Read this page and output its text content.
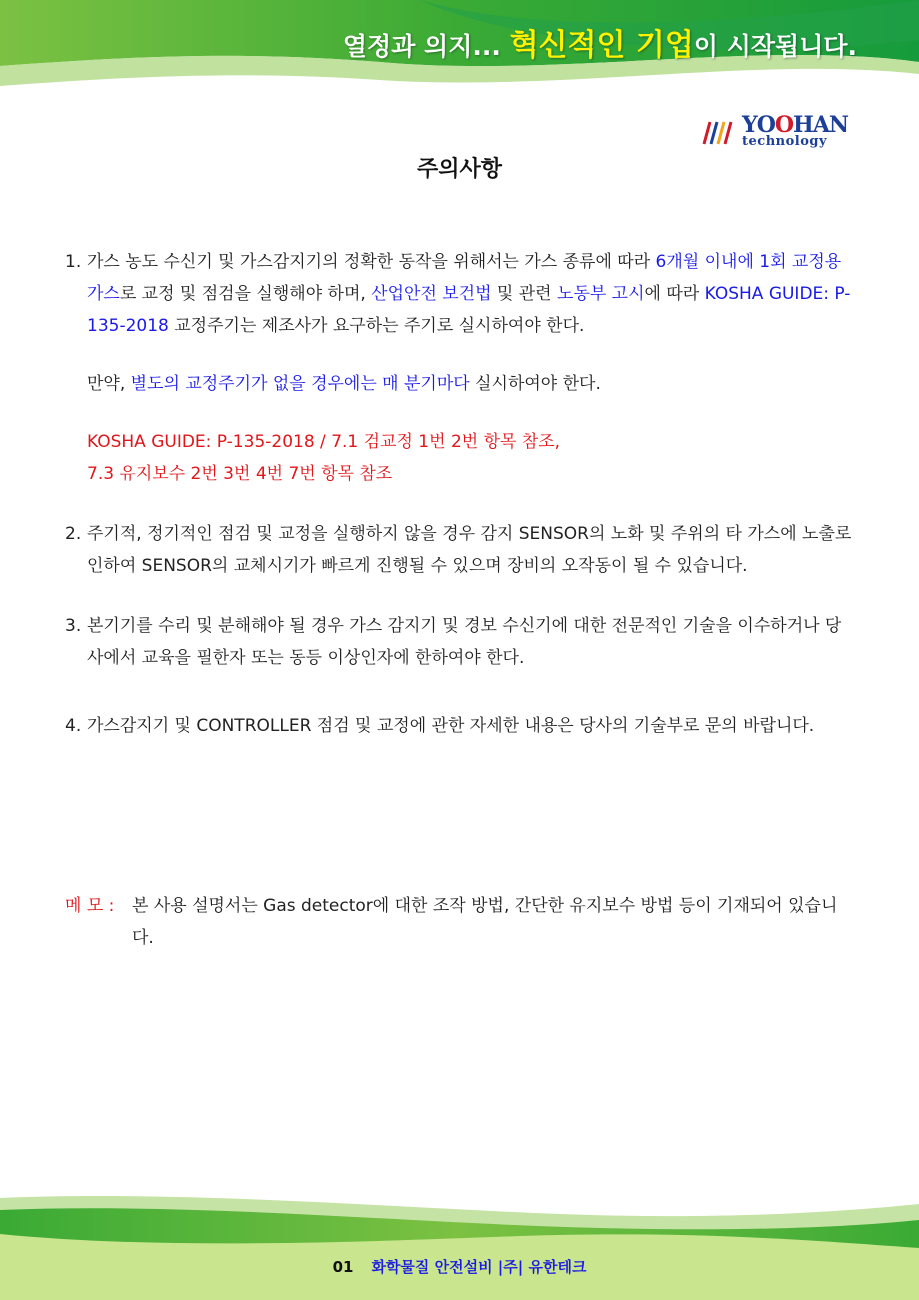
열정과 의지... 혁신적인 기업이 시작됩니다.
YOOHAN
technology
주의사항
1. 가스 농도 수신기 및 가스감지기의 정확한 동작을 위해서는 가스 종류에 따라 6개월 이내에 1회 교정용 가스로 교정 및 점검을 실행해야 하며, 산업안전 보건법 및 관련 노동부 고시에 따라 KOSHA GUIDE: P-135-2018 교정주기는 제조사가 요구하는 주기로 실시하여야 한다.
만약, 별도의 교정주기가 없을 경우에는 매 분기마다 실시하여야 한다.
KOSHA GUIDE: P-135-2018 / 7.1 검교정 1번 2번 항목 참조,
7.3 유지보수 2번 3번 4번 7번 항목 참조
2. 주기적, 정기적인 점검 및 교정을 실행하지 않을 경우 감지 SENSOR의 노화 및 주위의 타 가스에 노출로 인하여 SENSOR의 교체시기가 빠르게 진행될 수 있으며 장비의 오작동이 될 수 있습니다.
3. 본기기를 수리 및 분해해야 될 경우 가스 감지기 및 경보 수신기에 대한 전문적인 기술을 이수하거나 당사에서 교육을 필한자 또는 동등 이상인자에 한하여야 한다.
4. 가스감지기 및 CONTROLLER 점검 및 교정에 관한 자세한 내용은 당사의 기술부로 문의 바랍니다.
메 모 : 본 사용 설명서는 Gas detector에 대한 조작 방법, 간단한 유지보수 방법 등이 기재되어 있습니다.
01 화학물질 안전설비 |주| 유한테크
